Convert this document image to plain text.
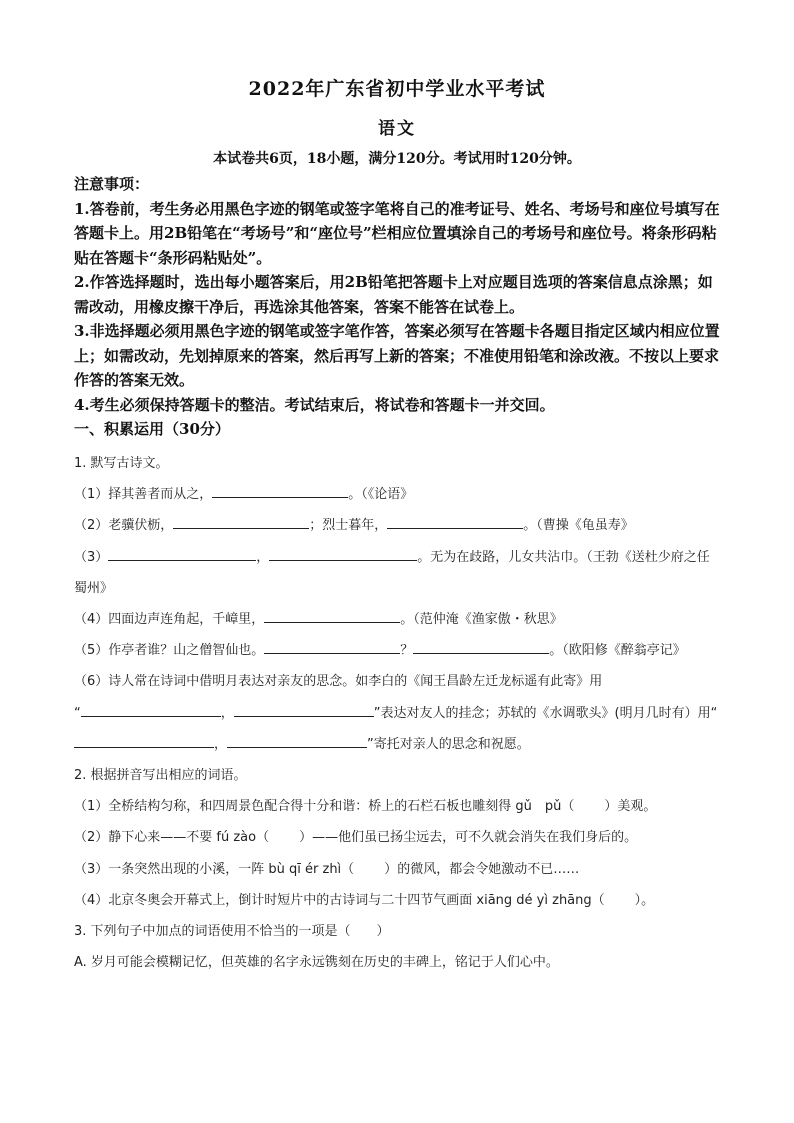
2022年广东省初中学业水平考试
语文
本试卷共6页，18小题，满分120分。考试用时120分钟。

注意事项：

1.答卷前，考生务必用黑色字迹的钢笔或签字笔将自己的准考证号、姓名、考场号和座位号填写在答题卡上。用2B铅笔在“考场号”和“座位号”栏相应位置填涂自己的考场号和座位号。将条形码粘贴在答题卡“条形码粘贴处”。

2.作答选择题时，选出每小题答案后，用2B铅笔把答题卡上对应题目选项的答案信息点涂黑；如需改动，用橡皮擦干净后，再选涂其他答案，答案不能答在试卷上。

3.非选择题必须用黑色字迹的钢笔或签字笔作答，答案必须写在答题卡各题目指定区域内相应位置上；如需改动，先划掉原来的答案，然后再写上新的答案；不准使用铅笔和涂改液。不按以上要求作答的答案无效。

4.考生必须保持答题卡的整洁。考试结束后，将试卷和答题卡一并交回。

一、积累运用（30分）

1. 默写古诗文。

（1）择其善者而从之，	。（《论语》

（2）老骥伏枥，	；烈士暮年，	。（曹操《龟虽寿》

（3）	，	。无为在歧路，儿女共沾巾。（王勃《送杜少府之任蜀州》

（4）四面边声连角起，千嶂里，	。（范仲淹《渔家傲・秋思》

（5）作亭者谁？山之僧智仙也。	？	。（欧阳修《醉翁亭记》

（6）诗人常在诗词中借明月表达对亲友的思念。如李白的《闻王昌龄左迁龙标遥有此寄》用
“	，	”表达对友人的挂念；苏轼的《水调歌头》(明月几时有）用“，	”寄托对亲人的思念和祝愿。

2. 根据拼音写出相应的词语。

（1）全桥结构匀称，和四周景色配合得十分和谐：桥上的石栏石板也雕刻得 gǔ　pǔ（ ）美观。

（2）静下心来——不要 fú zào（ ）——他们虽已扬尘远去，可不久就会消失在我们身后的。

（3）一条突然出现的小溪，一阵 bù qī ér zhì（ ）的微风，都会令她激动不已……

（4）北京冬奥会开幕式上，倒计时短片中的古诗词与二十四节气画面 xiāng dé yì zhāng（ ）。

3. 下列句子中加点的词语使用不恰当的一项是（　　）

A. 岁月可能会模糊记忆，但英雄的名字永远镌刻在历史的丰碑上，铭记于人们心中。
